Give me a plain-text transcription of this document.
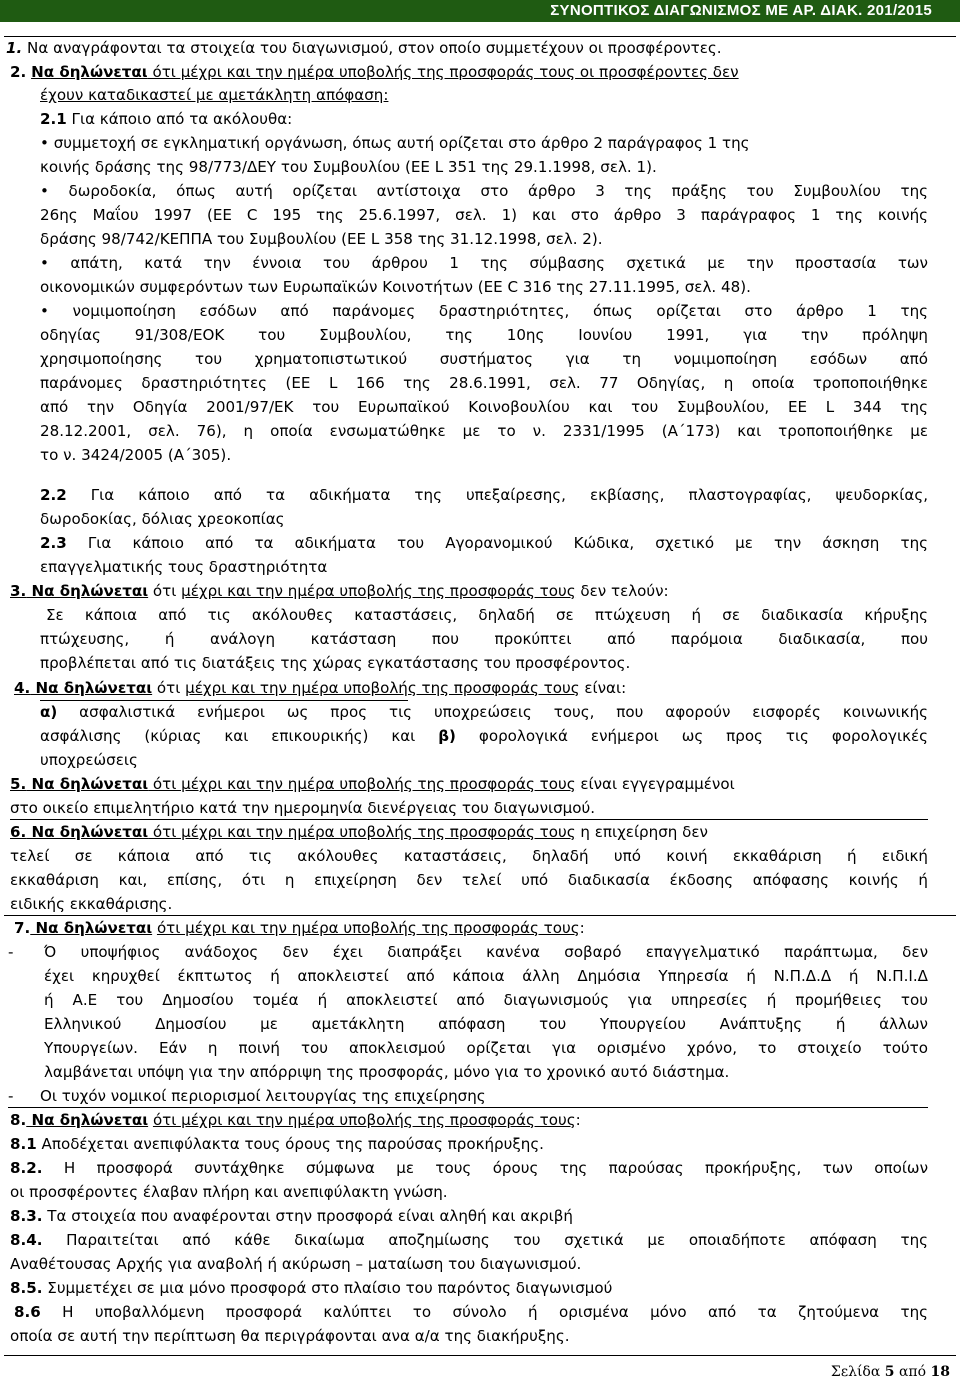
ΣΥΝΟΠΤΙΚΟΣ ΔΙΑΓΩΝΙΣΜΟΣ ΜΕ ΑΡ. ΔΙΑΚ. 201/2015
1. Να αναγράφονται τα στοιχεία του διαγωνισμού, στον οποίο συμμετέχουν οι προσφέροντες.
2. Να δηλώνεται ότι μέχρι και την ημέρα υποβολής της προσφοράς τους οι προσφέροντες δεν
έχουν καταδικαστεί με αμετάκλητη απόφαση:
2.1 Για κάποιο από τα ακόλουθα:
• συμμετοχή σε εγκληματική οργάνωση, όπως αυτή ορίζεται στο άρθρο 2 παράγραφος 1 της
κοινής δράσης της 98/773/ΔΕΥ του Συμβουλίου (ΕΕ L 351 της 29.1.1998, σελ. 1).
• δωροδοκία, όπως αυτή ορίζεται αντίστοιχα στο άρθρο 3 της πράξης του Συμβουλίου της
26ης Μαΐου 1997 (ΕΕ C 195 της 25.6.1997, σελ. 1) και στο άρθρο 3 παράγραφος 1 της κοινής
δράσης 98/742/ΚΕΠΠΑ του Συμβουλίου (ΕΕ L 358 της 31.12.1998, σελ. 2).
• απάτη, κατά την έννοια του άρθρου 1 της σύμβασης σχετικά με την προστασία των
οικονομικών συμφερόντων των Ευρωπαϊκών Κοινοτήτων (ΕΕ C 316 της 27.11.1995, σελ. 48).
• νομιμοποίηση εσόδων από παράνομες δραστηριότητες, όπως ορίζεται στο άρθρο 1 της
οδηγίας 91/308/ΕΟΚ του Συμβουλίου, της 10ης Ιουνίου 1991, για την πρόληψη
χρησιμοποίησης του χρηματοπιστωτικού συστήματος για τη νομιμοποίηση εσόδων από
παράνομες δραστηριότητες (ΕΕ L 166 της 28.6.1991, σελ. 77 Οδηγίας, η οποία τροποποιήθηκε
από την Οδηγία 2001/97/ΕΚ του Ευρωπαϊκού Κοινοβουλίου και του Συμβουλίου, ΕΕ L 344 της
28.12.2001, σελ. 76), η οποία ενσωματώθηκε με το ν. 2331/1995 (Α΄173) και τροποποιήθηκε με
το ν. 3424/2005 (Α΄305).
2.2 Για κάποιο από τα αδικήματα της υπεξαίρεσης, εκβίασης, πλαστογραφίας, ψευδορκίας,
δωροδοκίας, δόλιας χρεοκοπίας
2.3 Για κάποιο από τα αδικήματα του Αγορανομικού Κώδικα, σχετικό με την άσκηση της
επαγγελματικής τους δραστηριότητα
3. Να δηλώνεται ότι μέχρι και την ημέρα υποβολής της προσφοράς τους δεν τελούν:
Σε κάποια από τις ακόλουθες καταστάσεις, δηλαδή σε πτώχευση ή σε διαδικασία κήρυξης
πτώχευσης, ή ανάλογη κατάσταση που προκύπτει από παρόμοια διαδικασία, που
προβλέπεται από τις διατάξεις της χώρας εγκατάστασης του προσφέροντος.
4. Να δηλώνεται ότι μέχρι και την ημέρα υποβολής της προσφοράς τους είναι:
α) ασφαλιστικά ενήμεροι ως προς τις υποχρεώσεις τους, που αφορούν εισφορές κοινωνικής
ασφάλισης (κύριας και επικουρικής) και β) φορολογικά ενήμεροι ως προς τις φορολογικές
υποχρεώσεις
5. Να δηλώνεται ότι μέχρι και την ημέρα υποβολής της προσφοράς τους είναι εγγεγραμμένοι
στο οικείο επιμελητήριο κατά την ημερομηνία διενέργειας του διαγωνισμού.
6. Να δηλώνεται ότι μέχρι και την ημέρα υποβολής της προσφοράς τους η επιχείρηση δεν
τελεί σε κάποια από τις ακόλουθες καταστάσεις, δηλαδή υπό κοινή εκκαθάριση ή ειδική
εκκαθάριση και, επίσης, ότι η επιχείρηση δεν τελεί υπό διαδικασία έκδοσης απόφασης κοινής ή
ειδικής εκκαθάρισης.
7. Να δηλώνεται ότι μέχρι και την ημέρα υποβολής της προσφοράς τους:
- Ό υποψήφιος ανάδοχος δεν έχει διαπράξει κανένα σοβαρό επαγγελματικό παράπτωμα, δεν
έχει κηρυχθεί έκπτωτος ή αποκλειστεί από κάποια άλλη Δημόσια Υπηρεσία ή Ν.Π.Δ.Δ ή Ν.Π.Ι.Δ
ή Α.Ε του Δημοσίου τομέα ή αποκλειστεί από διαγωνισμούς για υπηρεσίες ή προμήθειες του
Ελληνικού Δημοσίου με αμετάκλητη απόφαση του Υπουργείου Ανάπτυξης ή άλλων
Υπουργείων. Εάν η ποινή του αποκλεισμού ορίζεται για ορισμένο χρόνο, το στοιχείο τούτο
λαμβάνεται υπόψη για την απόρριψη της προσφοράς, μόνο για το χρονικό αυτό διάστημα.
- Οι τυχόν νομικοί περιορισμοί λειτουργίας της επιχείρησης
8. Να δηλώνεται ότι μέχρι και την ημέρα υποβολής της προσφοράς τους:
8.1 Αποδέχεται ανεπιφύλακτα τους όρους της παρούσας προκήρυξης.
8.2. Η προσφορά συντάχθηκε σύμφωνα με τους όρους της παρούσας προκήρυξης, των οποίων
οι προσφέροντες έλαβαν πλήρη και ανεπιφύλακτη γνώση.
8.3. Τα στοιχεία που αναφέρονται στην προσφορά είναι αληθή και ακριβή
8.4. Παραιτείται από κάθε δικαίωμα αποζημίωσης του σχετικά με οποιαδήποτε απόφαση της
Αναθέτουσας Αρχής για αναβολή ή ακύρωση – ματαίωση του διαγωνισμού.
8.5. Συμμετέχει σε μια μόνο προσφορά στο πλαίσιο του παρόντος διαγωνισμού
8.6 Η υποβαλλόμενη προσφορά καλύπτει το σύνολο ή ορισμένα μόνο από τα ζητούμενα της
οποία σε αυτή την περίπτωση θα περιγράφονται ανα α/α της διακήρυξης.
Σελίδα 5 από 18
